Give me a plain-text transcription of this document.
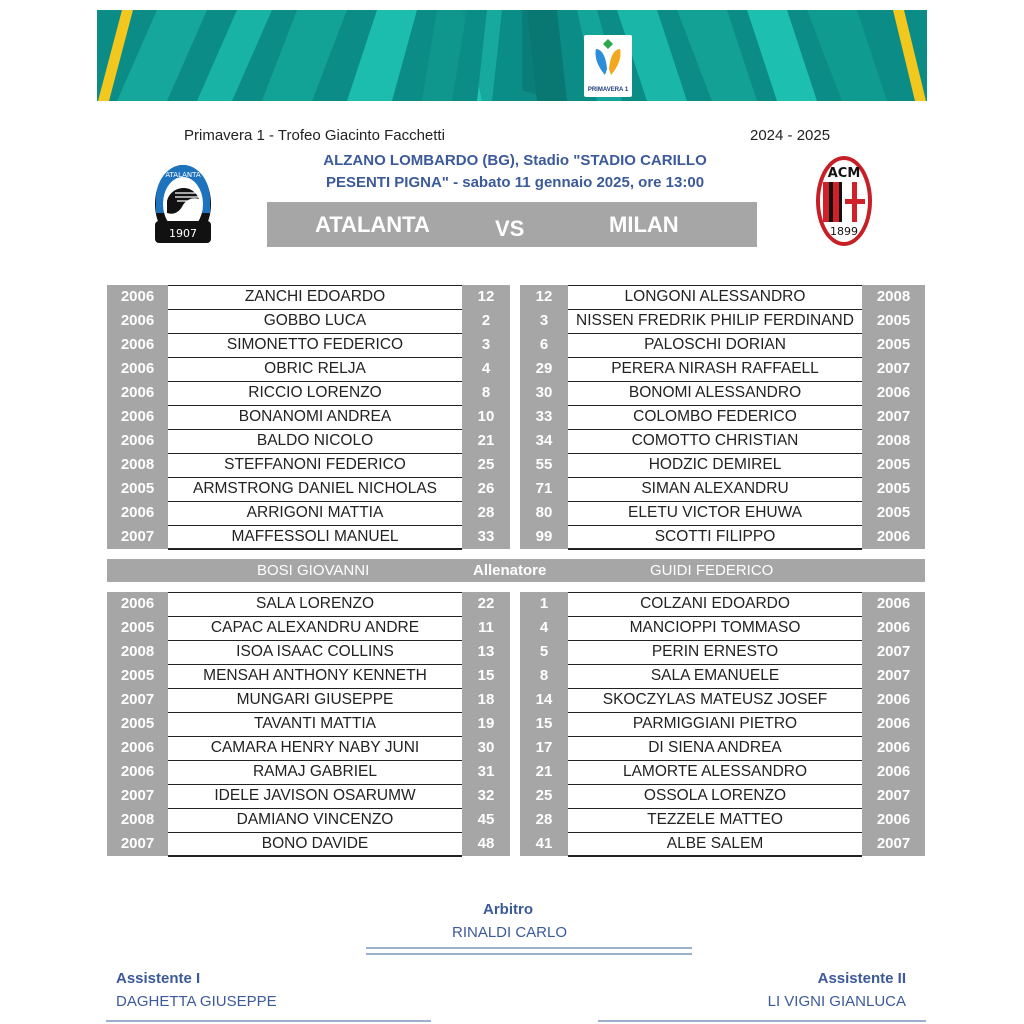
PRIMAVERA 1
Primavera 1 - Trofeo Giacinto Facchetti	2024 - 2025
ALZANO LOMBARDO (BG), Stadio "STADIO CARILLO
PESENTI PIGNA" - sabato 11 gennaio 2025, ore 13:00
1907
ATALANTA	ACM
1899
ATALANTA	VS	MILAN
2006	ZANCHI EDOARDO	12
2006	GOBBO LUCA	2
2006	SIMONETTO FEDERICO	3
2006	OBRIC RELJA	4
2006	RICCIO LORENZO	8
2006	BONANOMI ANDREA	10
2006	BALDO NICOLO	21
2008	STEFFANONI FEDERICO	25
2005	ARMSTRONG DANIEL NICHOLAS	26
2006	ARRIGONI MATTIA	28
2007	MAFFESSOLI MANUEL	33
12	LONGONI ALESSANDRO	2008
3	NISSEN FREDRIK PHILIP FERDINAND	2005
6	PALOSCHI DORIAN	2005
29	PERERA NIRASH RAFFAELL	2007
30	BONOMI ALESSANDRO	2006
33	COLOMBO FEDERICO	2007
34	COMOTTO CHRISTIAN	2008
55	HODZIC DEMIREL	2005
71	SIMAN ALEXANDRU	2005
80	ELETU VICTOR EHUWA	2005
99	SCOTTI FILIPPO	2006
BOSI GIOVANNI	Allenatore	GUIDI FEDERICO
2006	SALA LORENZO	22
2005	CAPAC ALEXANDRU ANDRE	11
2008	ISOA ISAAC COLLINS	13
2005	MENSAH ANTHONY KENNETH	15
2007	MUNGARI GIUSEPPE	18
2005	TAVANTI MATTIA	19
2006	CAMARA HENRY NABY JUNI	30
2006	RAMAJ GABRIEL	31
2007	IDELE JAVISON OSARUMW	32
2008	DAMIANO VINCENZO	45
2007	BONO DAVIDE	48
1	COLZANI EDOARDO	2006
4	MANCIOPPI TOMMASO	2006
5	PERIN ERNESTO	2007
8	SALA EMANUELE	2007
14	SKOCZYLAS MATEUSZ JOSEF	2006
15	PARMIGGIANI PIETRO	2006
17	DI SIENA ANDREA	2006
21	LAMORTE ALESSANDRO	2006
25	OSSOLA LORENZO	2007
28	TEZZELE MATTEO	2006
41	ALBE SALEM	2007
Arbitro
RINALDI CARLO
Assistente I
DAGHETTA GIUSEPPE
Assistente II
LI VIGNI GIANLUCA
